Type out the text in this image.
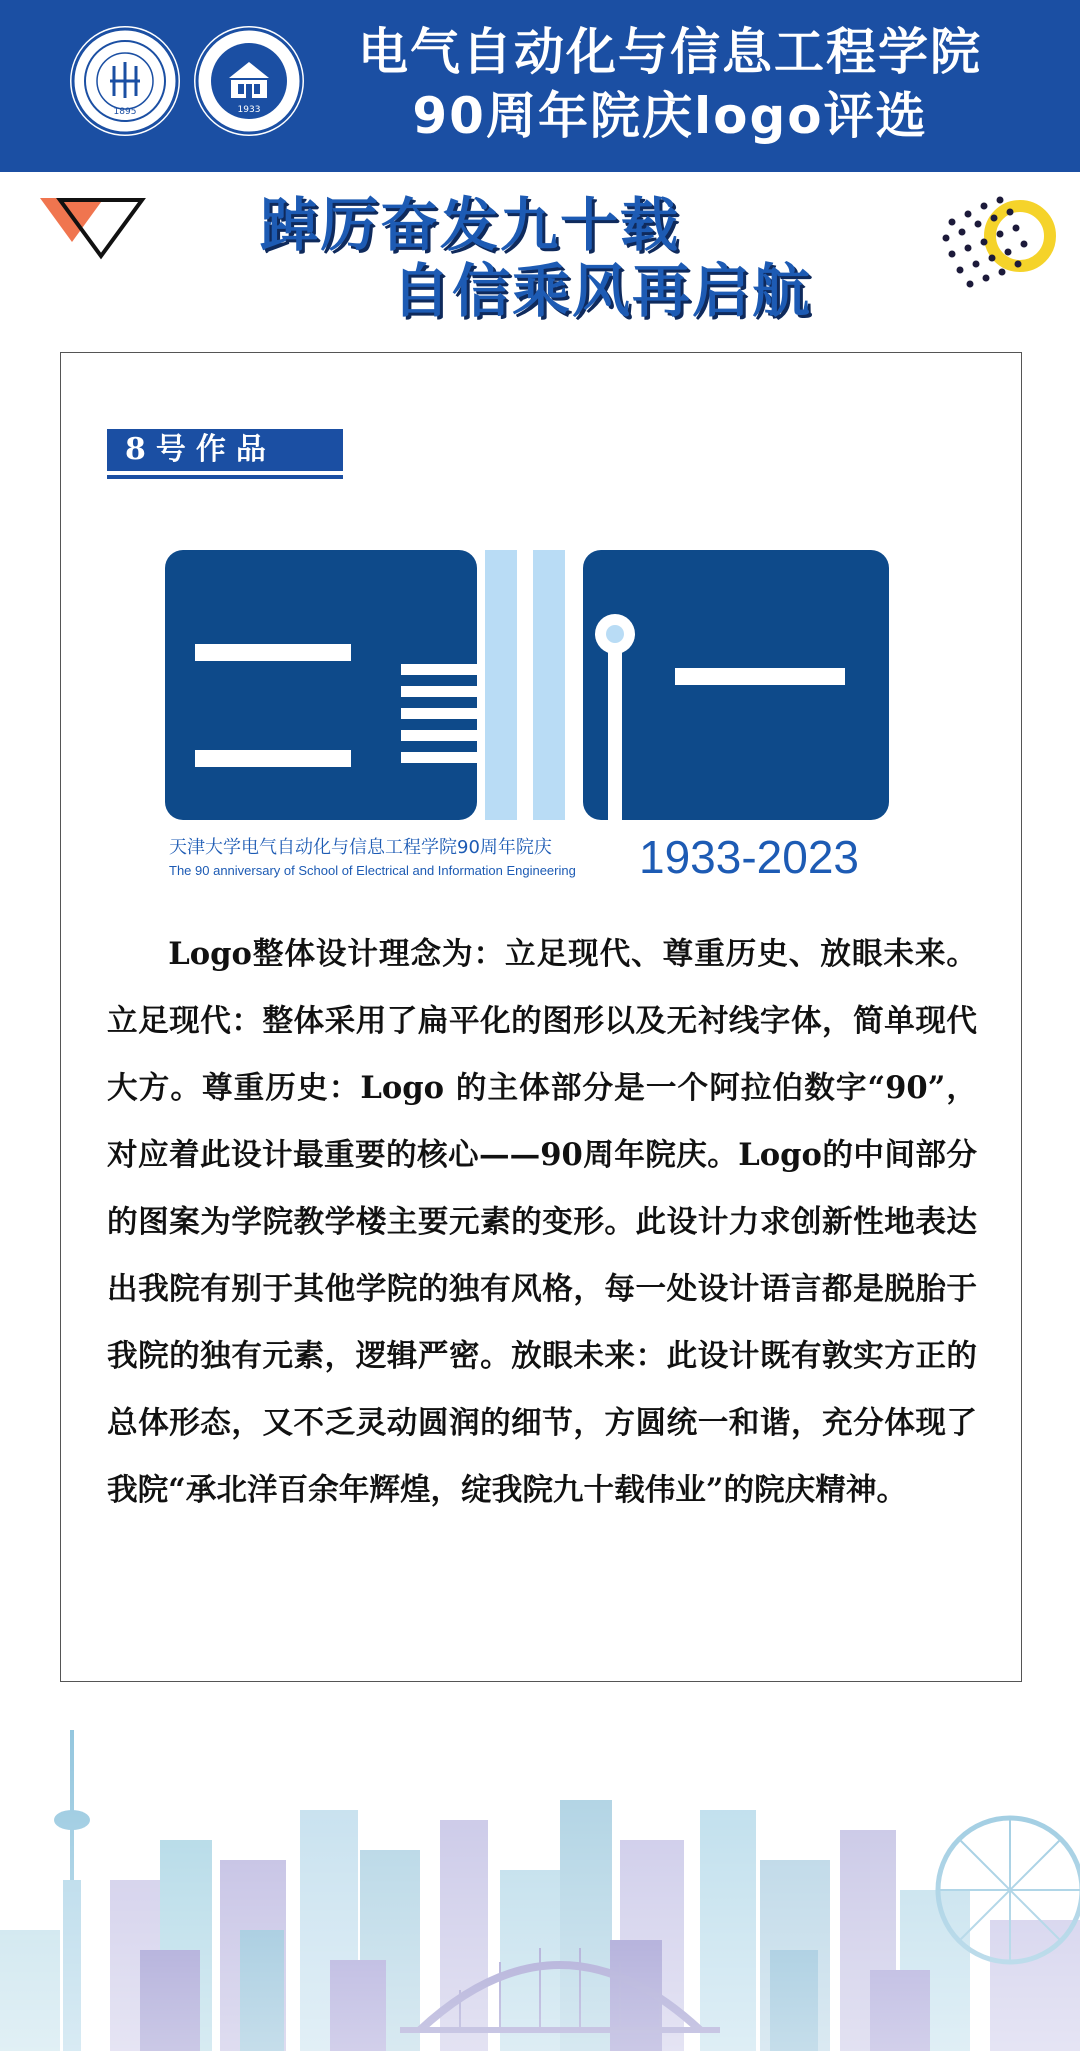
1895	1933
电气自动化与信息工程学院
90周年院庆logo评选
踔厉奋发九十载
自信乘风再启航
8号作品
天津大学电气自动化与信息工程学院90周年院庆
The 90 anniversary of School of Electrical and Information Engineering 1933-2023

Logo整体设计理念为：立足现代、尊重历史、放眼未来。立足现代：整体采用了扁平化的图形以及无衬线字体，简单现代大方。尊重历史：Logo 的主体部分是一个阿拉伯数字“90”，对应着此设计最重要的核心——90周年院庆。Logo的中间部分的图案为学院教学楼主要元素的变形。此设计力求创新性地表达出我院有别于其他学院的独有风格，每一处设计语言都是脱胎于我院的独有元素，逻辑严密。放眼未来：此设计既有敦实方正的总体形态，又不乏灵动圆润的细节，方圆统一和谐，充分体现了我院“承北洋百余年辉煌，绽我院九十载伟业”的院庆精神。
